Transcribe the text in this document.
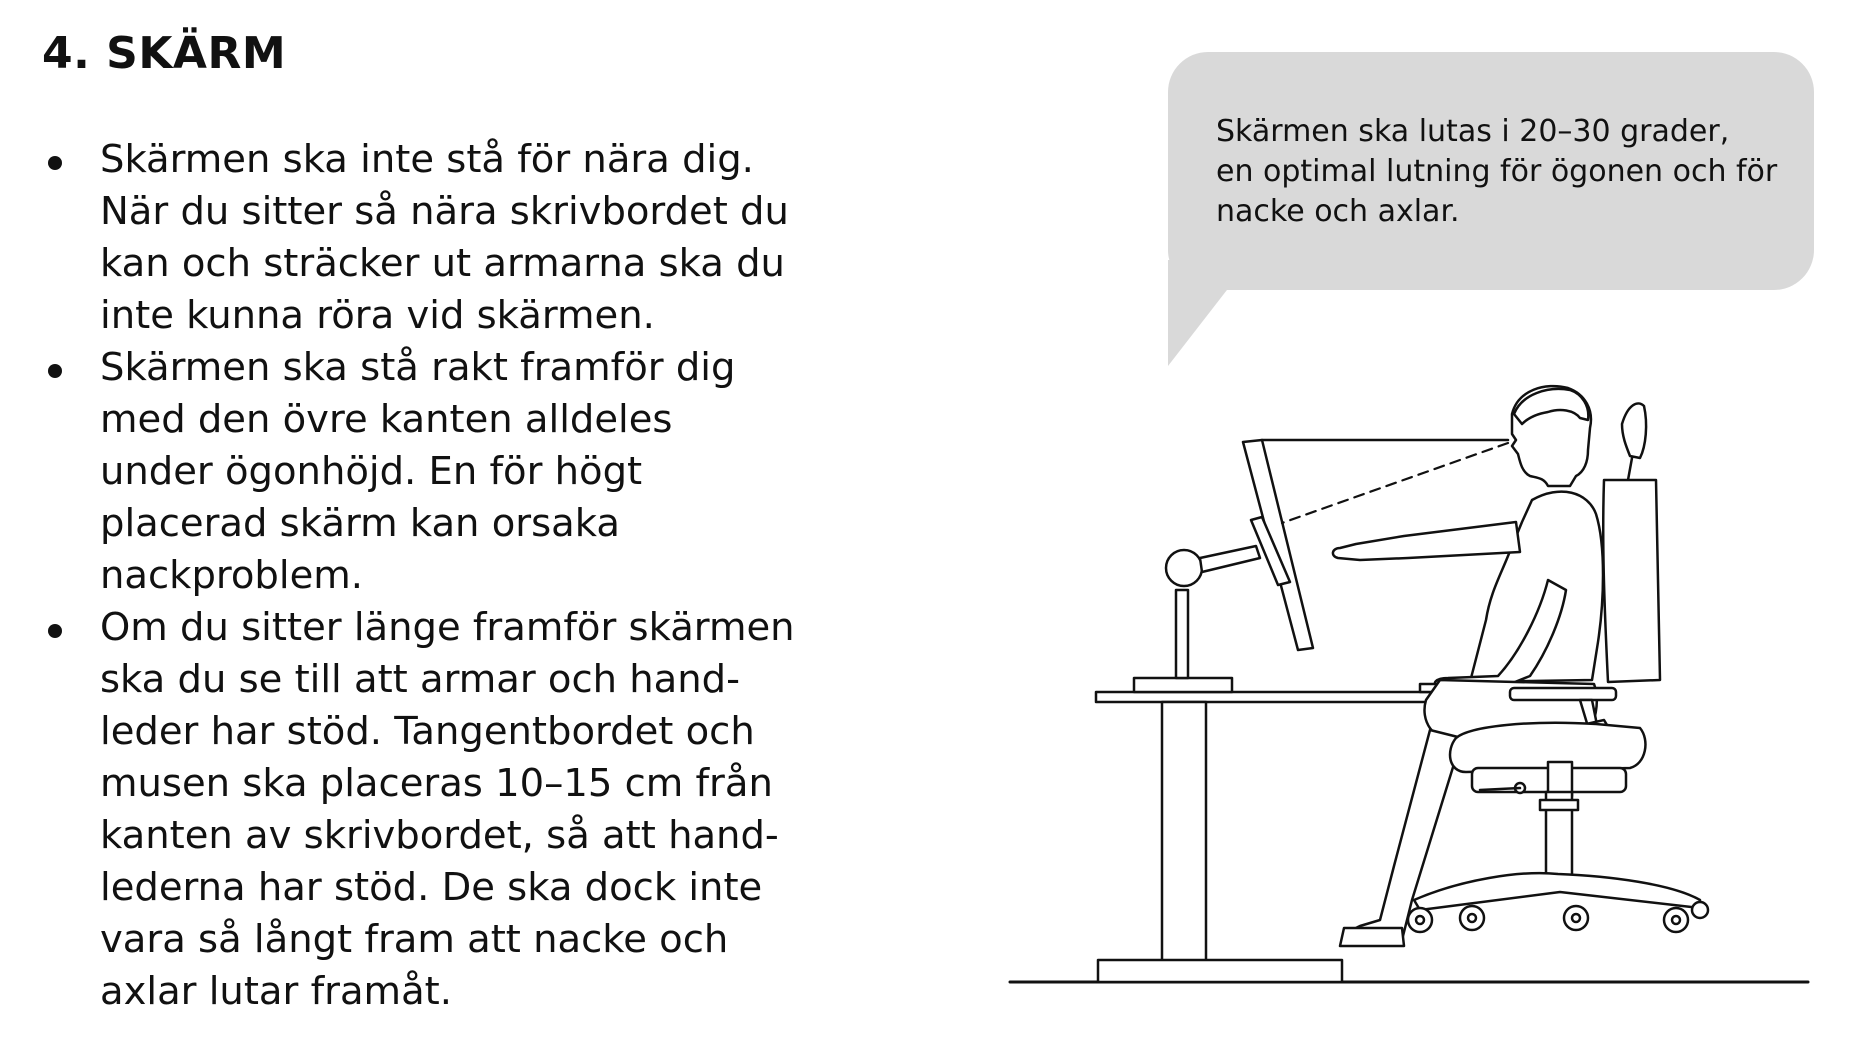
4. SKÄRM

Skärmen ska inte stå för nära dig.

När du sitter så nära skrivbordet du

kan och sträcker ut armarna ska du

inte kunna röra vid skärmen.

Skärmen ska stå rakt framför dig

med den övre kanten alldeles

under ögonhöjd. En för högt

placerad skärm kan orsaka

nackproblem.

Om du sitter länge framför skärmen

ska du se till att armar och hand-

leder har stöd. Tangentbordet och

musen ska placeras 10–15 cm från

kanten av skrivbordet, så att hand-

lederna har stöd. De ska dock inte

vara så långt fram att nacke och

axlar lutar framåt.

Skärmen ska lutas i 20–30 grader,
en optimal lutning för ögonen och för
nacke och axlar.
